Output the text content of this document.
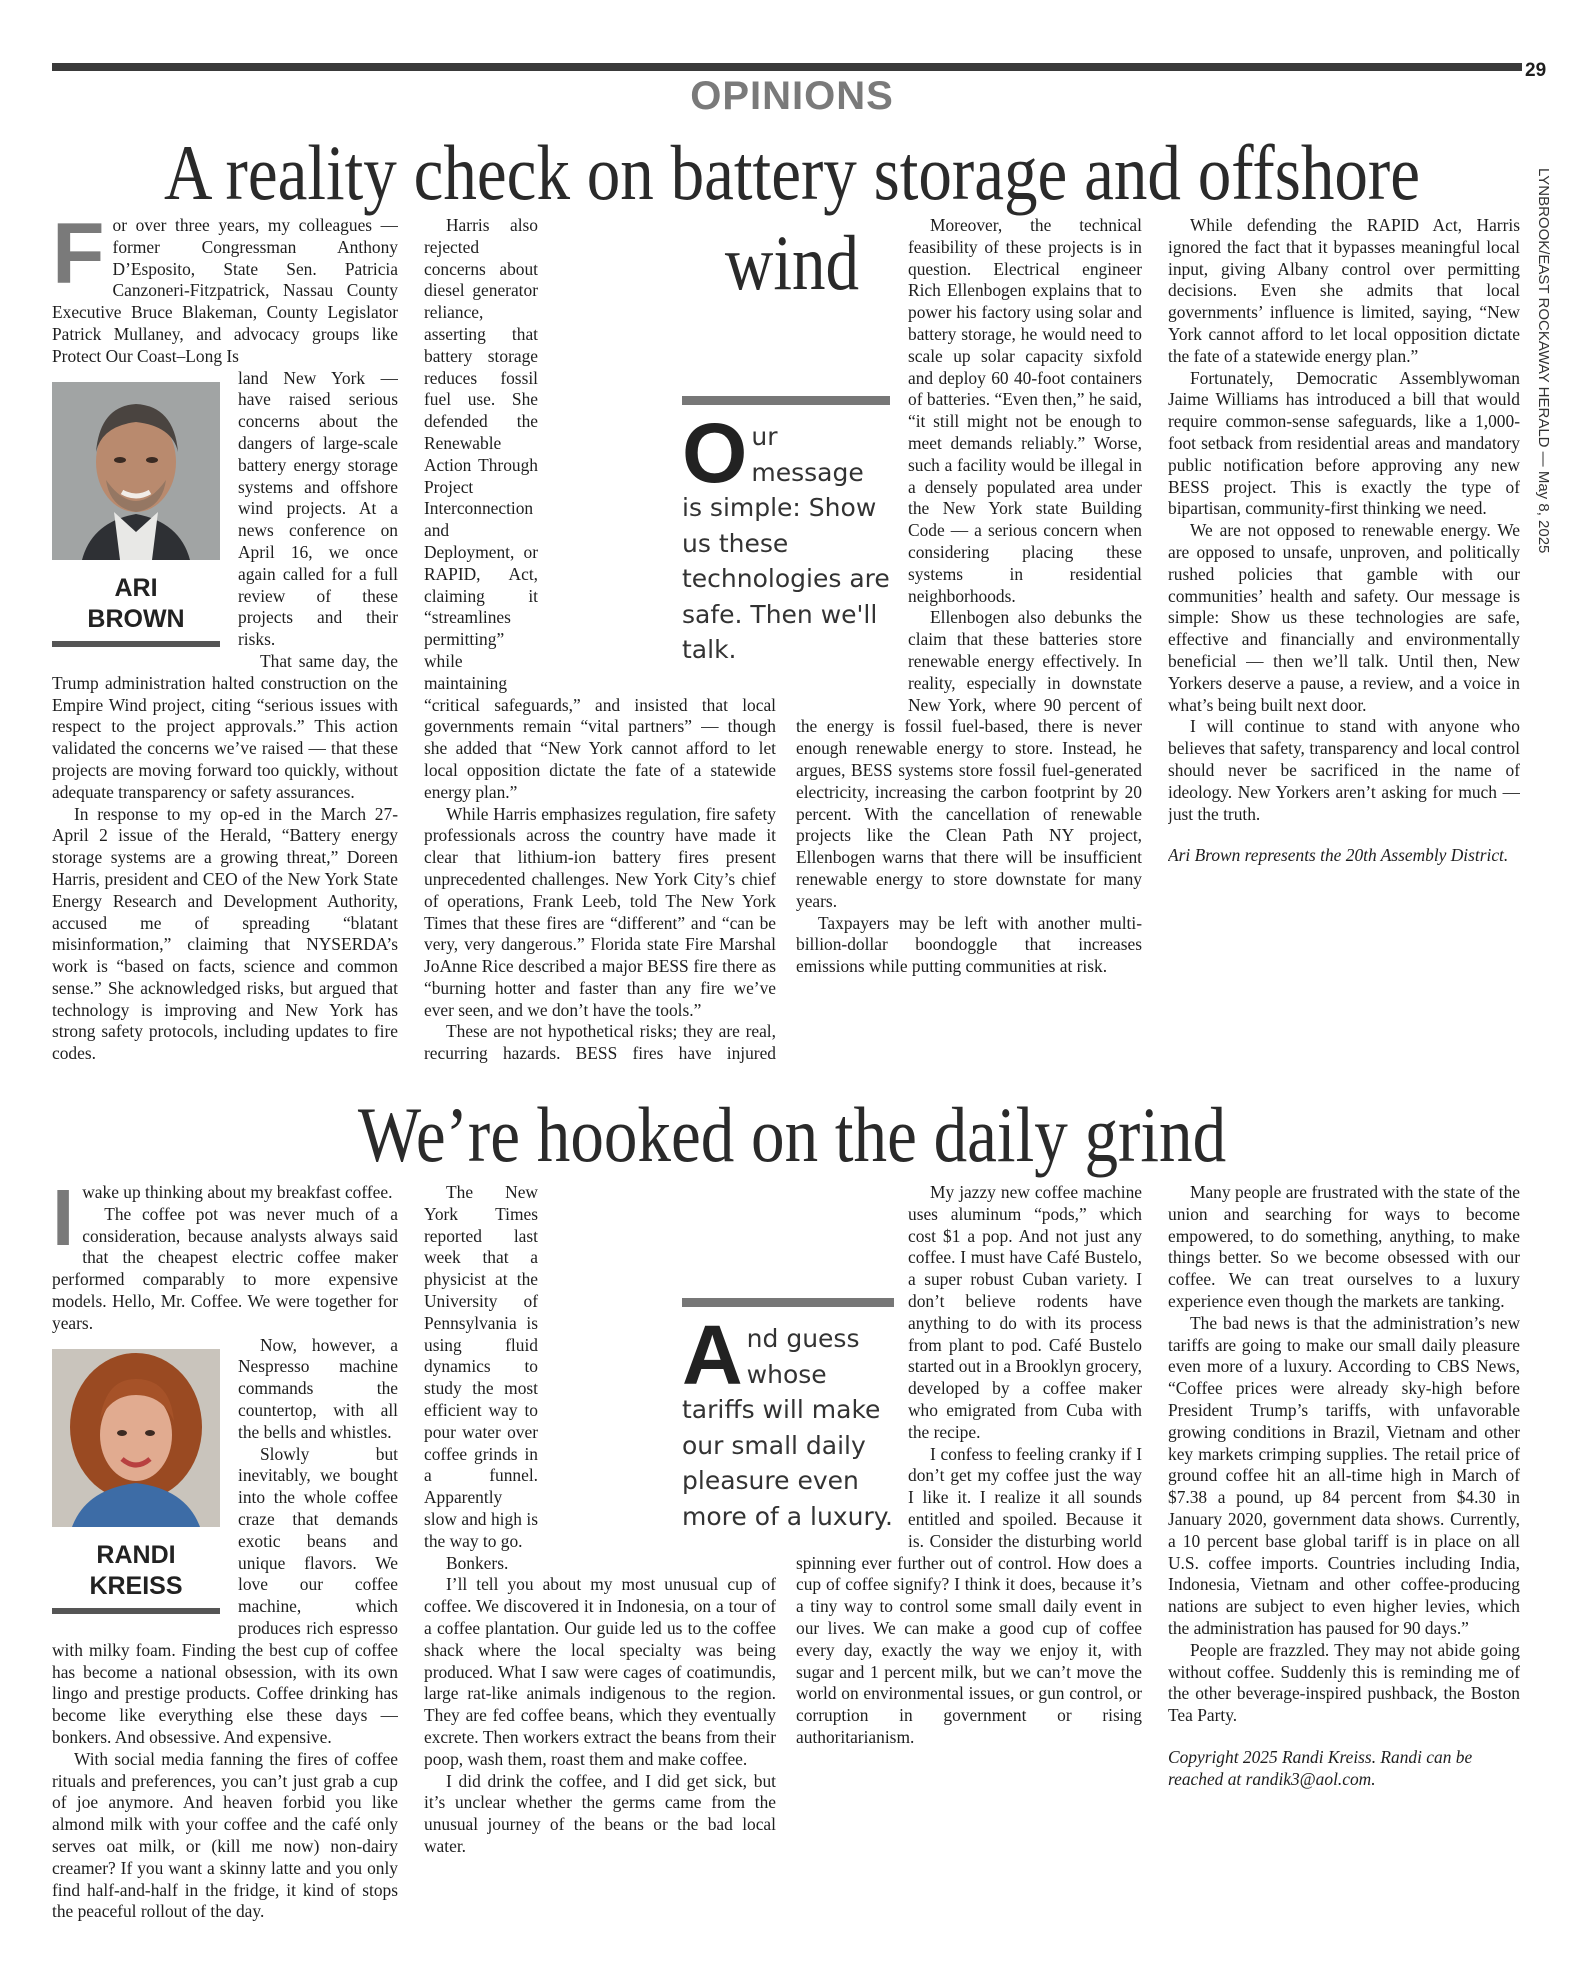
29
OPINIONS
LYNBROOK/EAST ROCKAWAY HERALD — May 8, 2025
A reality check on battery storage and offshore wind

Harris also rejected concerns about diesel generator reliance, asserting that battery storage reduces fossil fuel use. She defended the Renewable Action Through Project Interconnection and Deployment, or RAPID, Act, claiming it “streamlines permitting” while maintaining “critical safeguards,” and insisted that local governments remain “vital partners” — though she added that “New York cannot afford to let local opposition dictate the fate of a statewide energy plan.”

While Harris emphasizes regulation, fire safety professionals across the country have made it clear that lithium-ion battery fires present unprecedented challenges. New York City’s chief of operations, Frank Leeb, told The New York Times that these fires are “different” and “can be very, very dangerous.” Florida state Fire Marshal JoAnne Rice described a major BESS fire there as “burning hotter and faster than any fire we’ve ever seen, and we don’t have the tools.”

These are not hypothetical risks; they are real, recurring hazards. BESS fires have injured

Moreover, the technical feasibility of these projects is in question. Electrical engineer Rich Ellenbogen explains that to power his factory using solar and battery storage, he would need to scale up solar capacity sixfold and deploy 60 40-foot containers of batteries. “Even then,” he said, “it still might not be enough to meet demands reliably.” Worse, such a facility would be illegal in a densely populated area under the New York state Building Code — a serious concern when considering placing these systems in residential neighborhoods.

Ellenbogen also debunks the claim that these batteries store renewable energy effectively. In reality, especially in downstate New York, where 90 percent of the energy is fossil fuel-based, there is never enough renewable energy to store. Instead, he argues, BESS systems store fossil fuel-generated electricity, increasing the carbon footprint by 20 percent. With the cancellation of renewable projects like the Clean Path NY project, Ellenbogen warns that there will be insufficient renewable energy to store downstate for many years.

Taxpayers may be left with another multi-billion-dollar boondoggle that increases emissions while putting communities at risk.

While defending the RAPID Act, Harris ignored the fact that it bypasses meaningful local input, giving Albany control over permitting decisions. Even she admits that local governments’ influence is limited, saying, “New York cannot afford to let local opposition dictate the fate of a statewide energy plan.”

Fortunately, Democratic Assemblywoman Jaime Williams has introduced a bill that would require common-sense safeguards, like a 1,000-foot setback from residential areas and mandatory public notification before approving any new BESS project. This is exactly the type of bipartisan, community-first thinking we need.

We are not opposed to renewable energy. We are opposed to unsafe, unproven, and politically rushed policies that gamble with our communities’ health and safety. Our message is simple: Show us these technologies are safe, effective and financially and environmentally beneficial — then we’ll talk. Until then, New Yorkers deserve a pause, a review, and a voice in what’s being built next door.

I will continue to stand with anyone who believes that safety, transparency and local control should never be sacrificed in the name of ideology. New Yorkers aren’t asking for much — just the truth.

Ari Brown represents the 20th Assembly District.

We’re hooked on the daily grind

Many people are frustrated with the state of the union and searching for ways to become empowered, to do something, anything, to make things better. So we become obsessed with our coffee. We can treat ourselves to a luxury experience even though the markets are tanking.

The bad news is that the administration’s new tariffs are going to make our small daily pleasure even more of a luxury. According to CBS News, “Coffee prices were already sky-high before President Trump’s tariffs, with unfavorable growing conditions in Brazil, Vietnam and other key markets crimping supplies. The retail price of ground coffee hit an all-time high in March of $7.38 a pound, up 84 percent from $4.30 in January 2020, government data shows. Currently, a 10 percent base global tariff is in place on all U.S. coffee imports. Countries including India, Indonesia, Vietnam and other coffee-producing nations are subject to even higher levies, which the administration has paused for 90 days.”

People are frazzled. They may not abide going without coffee. Suddenly this is reminding me of the other beverage-inspired pushback, the Boston Tea Party.

Copyright 2025 Randi Kreiss. Randi can be reached at randik3@aol.com.

F or over three years, my colleagues — former Congressman Anthony D’Esposito, State Sen. Patricia Canzoneri-Fitzpatrick, Nassau County Executive Bruce Blakeman, County Legislator Patrick Mullaney, and advocacy groups like Protect Our Coast–Long Is

ARI
BROWN

land New York — have raised serious concerns about the dangers of large-scale battery energy storage systems and offshore wind projects. At a news conference on April 16, we once again called for a full review of these projects and their risks.

That same day, the Trump administration halted construction on the Empire Wind project, citing “serious issues with respect to the project approvals.” This action validated the concerns we’ve raised — that these projects are moving forward too quickly, without adequate transparency or safety assurances.

In response to my op-ed in the March 27-April 2 issue of the Herald, “Battery energy storage systems are a growing threat,” Doreen Harris, president and CEO of the New York State Energy Research and Development Authority, accused me of spreading “blatant misinformation,” claiming that NYSERDA’s work is “based on facts, science and common sense.” She acknowledged risks, but argued that technology is improving and New York has strong safety protocols, including updates to fire codes.

Our message is simple: Show us these technologies are safe. Then we'll talk.
I wake up thinking about my breakfast coffee.

The coffee pot was never much of a consideration, because analysts always said that the cheapest electric coffee maker performed comparably to more expensive models. Hello, Mr. Coffee. We were together for years.

RANDI
KREISS

Now, however, a Nespresso machine commands the countertop, with all the bells and whistles.

Slowly but inevitably, we bought into the whole coffee craze that demands exotic beans and unique flavors. We love our coffee machine, which produces rich espresso with milky foam. Finding the best cup of coffee has become a national obsession, with its own lingo and prestige products. Coffee drinking has become like everything else these days — bonkers. And obsessive. And expensive.

With social media fanning the fires of coffee rituals and preferences, you can’t just grab a cup of joe anymore. And heaven forbid you like almond milk with your coffee and the café only serves oat milk, or (kill me now) non-dairy creamer? If you want a skinny latte and you only find half-and-half in the fridge, it kind of stops the peaceful rollout of the day.

The New York Times reported last week that a physicist at the University of Pennsylvania is using fluid dynamics to study the most efficient way to pour water over coffee grinds in a funnel. Apparently slow and high is the way to go.

Bonkers.

I’ll tell you about my most unusual cup of coffee. We discovered it in Indonesia, on a tour of a coffee plantation. Our guide led us to the coffee shack where the local specialty was being produced. What I saw were cages of coatimundis, large rat-like animals indigenous to the region. They are fed coffee beans, which they eventually excrete. Then workers extract the beans from their poop, wash them, roast them and make coffee.

I did drink the coffee, and I did get sick, but it’s unclear whether the germs came from the unusual journey of the beans or the bad local water.

My jazzy new coffee machine uses aluminum “pods,” which cost $1 a pop. And not just any coffee. I must have Café Bustelo, a super robust Cuban variety. I don’t believe rodents have anything to do with its process from plant to pod. Café Bustelo started out in a Brooklyn grocery, developed by a coffee maker who emigrated from Cuba with the recipe.

I confess to feeling cranky if I don’t get my coffee just the way I like it. I realize it all sounds entitled and spoiled. Because it is. Consider the disturbing world spinning ever further out of control. How does a cup of coffee signify? I think it does, because it’s a tiny way to control some small daily event in our lives. We can make a good cup of coffee every day, exactly the way we enjoy it, with sugar and 1 percent milk, but we can’t move the world on environmental issues, or gun control, or corruption in government or rising authoritarianism.

And guess whose tariffs will make our small daily pleasure even more of a luxury.
